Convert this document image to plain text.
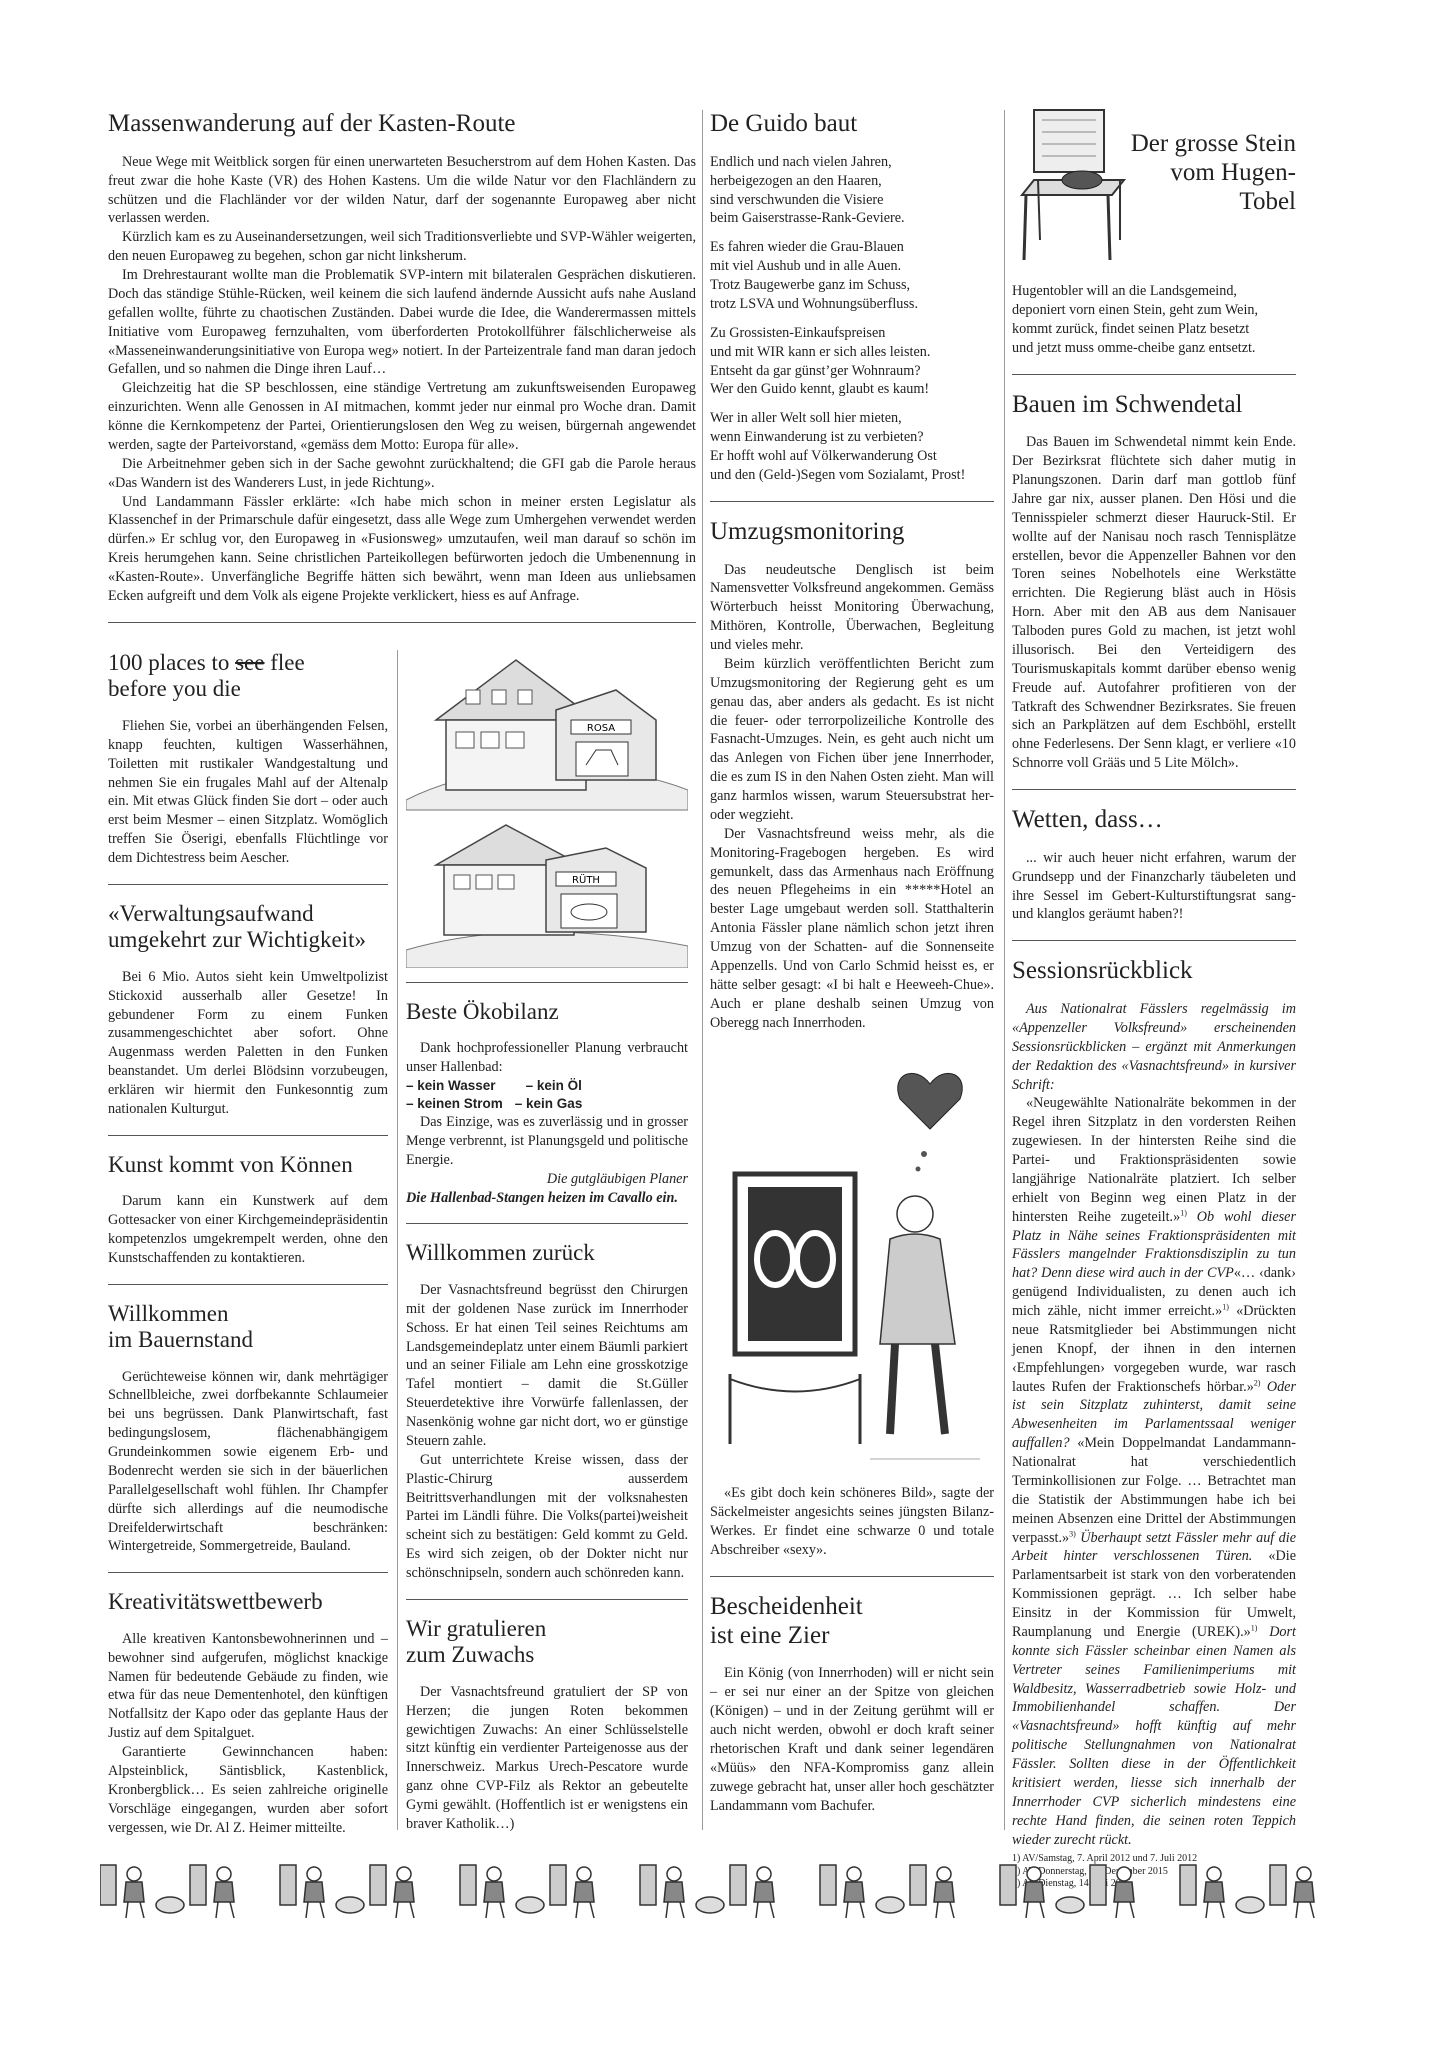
Massenwanderung auf der Kasten-Route

Neue Wege mit Weitblick sorgen für einen unerwarteten Besucherstrom auf dem Hohen Kasten. Das freut zwar die hohe Kaste (VR) des Hohen Kastens. Um die wilde Natur vor den Flachländern zu schützen und die Flachländer vor der wilden Natur, darf der sogenannte Europaweg aber nicht verlassen werden.

Kürzlich kam es zu Auseinandersetzungen, weil sich Traditionsverliebte und SVP-Wähler weigerten, den neuen Europaweg zu begehen, schon gar nicht linksherum.

Im Drehrestaurant wollte man die Problematik SVP-intern mit bilateralen Gesprächen diskutieren. Doch das ständige Stühle-Rücken, weil keinem die sich laufend ändernde Aussicht aufs nahe Ausland gefallen wollte, führte zu chaotischen Zuständen. Dabei wurde die Idee, die Wanderermassen mittels Initiative vom Europaweg fernzuhalten, vom überforderten Protokollführer fälschlicherweise als «Masseneinwanderungsinitiative von Europa weg» notiert. In der Parteizentrale fand man daran jedoch Gefallen, und so nahmen die Dinge ihren Lauf…

Gleichzeitig hat die SP beschlossen, eine ständige Vertretung am zukunftsweisenden Europaweg einzurichten. Wenn alle Genossen in AI mitmachen, kommt jeder nur einmal pro Woche dran. Damit könne die Kernkompetenz der Partei, Orientierungslosen den Weg zu weisen, bürgernah angewendet werden, sagte der Parteivorstand, «gemäss dem Motto: Europa für alle».

Die Arbeitnehmer geben sich in der Sache gewohnt zurückhaltend; die GFI gab die Parole heraus «Das Wandern ist des Wanderers Lust, in jede Richtung».

Und Landammann Fässler erklärte: «Ich habe mich schon in meiner ersten Legislatur als Klassenchef in der Primarschule dafür eingesetzt, dass alle Wege zum Umhergehen verwendet werden dürfen.» Er schlug vor, den Europaweg in «Fusionsweg» umzutaufen, weil man darauf so schön im Kreis herumgehen kann. Seine christlichen Parteikollegen befürworten jedoch die Umbenennung in «Kasten-Route». Unverfängliche Begriffe hätten sich bewährt, wenn man Ideen aus unliebsamen Ecken aufgreift und dem Volk als eigene Projekte verklickert, hiess es auf Anfrage.

100 places to see flee
before you die

Fliehen Sie, vorbei an überhängenden Felsen, knapp feuchten, kultigen Wasserhähnen, Toiletten mit rustikaler Wandgestaltung und nehmen Sie ein frugales Mahl auf der Altenalp ein. Mit etwas Glück finden Sie dort – oder auch erst beim Mesmer – einen Sitzplatz. Womöglich treffen Sie Öserigi, ebenfalls Flüchtlinge vor dem Dichtestress beim Aescher.

«Verwaltungsaufwand umgekehrt zur Wichtigkeit»

Bei 6 Mio. Autos sieht kein Umweltpolizist Stickoxid ausserhalb aller Gesetze! In gebundener Form zu einem Funken zusammengeschichtet aber sofort. Ohne Augenmass werden Paletten in den Funken beanstandet. Um derlei Blödsinn vorzubeugen, erklären wir hiermit den Funkesonntig zum nationalen Kulturgut.

Kunst kommt von Können

Darum kann ein Kunstwerk auf dem Gottesacker von einer Kirchgemeindepräsidentin kompetenzlos umgekrempelt werden, ohne den Kunstschaffenden zu kontaktieren.

Willkommen
im Bauernstand

Gerüchteweise können wir, dank mehrtägiger Schnellbleiche, zwei dorfbekannte Schlaumeier bei uns begrüssen. Dank Planwirtschaft, fast bedingungslosem, flächenabhängigem Grundeinkommen sowie eigenem Erb- und Bodenrecht werden sie sich in der bäuerlichen Parallelgesellschaft wohl fühlen. Ihr Champfer dürfte sich allerdings auf die neumodische Dreifelderwirtschaft beschränken: Wintergetreide, Sommergetreide, Bauland.

Kreativitätswettbewerb

Alle kreativen Kantonsbewohnerinnen und –bewohner sind aufgerufen, möglichst knackige Namen für bedeutende Gebäude zu finden, wie etwa für das neue Dementenhotel, den künftigen Notfallsitz der Kapo oder das geplante Haus der Justiz auf dem Spitalguet.

Garantierte Gewinnchancen haben: Alpsteinblick, Säntisblick, Kastenblick, Kronbergblick… Es seien zahlreiche originelle Vorschläge eingegangen, wurden aber sofort vergessen, wie Dr. Al Z. Heimer mitteilte.

ROSA
RÜTH
Beste Ökobilanz

Dank hochprofessioneller Planung verbraucht unser Hallenbad:

– kein Wasser – kein Öl

– keinen Strom – kein Gas

Das Einzige, was es zuverlässig und in grosser Menge verbrennt, ist Planungsgeld und politische Energie.

Die gutgläubigen Planer

Die Hallenbad-Stangen heizen im Cavallo ein.

Willkommen zurück

Der Vasnachtsfreund begrüsst den Chirurgen mit der goldenen Nase zurück im Innerrhoder Schoss. Er hat einen Teil seines Reichtums am Landsgemeindeplatz unter einem Bäumli parkiert und an seiner Filiale am Lehn eine grosskotzige Tafel montiert – damit die St.Güller Steuerdetektive ihre Vorwürfe fallenlassen, der Nasenkönig wohne gar nicht dort, wo er günstige Steuern zahle.

Gut unterrichtete Kreise wissen, dass der Plastic-Chirurg ausserdem Beitrittsverhandlungen mit der volksnahesten Partei im Ländli führe. Die Volks(partei)weisheit scheint sich zu bestätigen: Geld kommt zu Geld. Es wird sich zeigen, ob der Dokter nicht nur schönschnipseln, sondern auch schönreden kann.

Wir gratulieren
zum Zuwachs

Der Vasnachtsfreund gratuliert der SP von Herzen; die jungen Roten bekommen gewichtigen Zuwachs: An einer Schlüsselstelle sitzt künftig ein verdienter Parteigenosse aus der Innerschweiz. Markus Urech-Pescatore wurde ganz ohne CVP-Filz als Rektor an gebeutelte Gymi gewählt. (Hoffentlich ist er wenigstens ein braver Katholik…)

De Guido baut

Endlich und nach vielen Jahren,

herbeigezogen an den Haaren,

sind verschwunden die Visiere

beim Gaiserstrasse-Rank-Geviere.

Es fahren wieder die Grau-Blauen

mit viel Aushub und in alle Auen.

Trotz Baugewerbe ganz im Schuss,

trotz LSVA und Wohnungsüberfluss.

Zu Grossisten-Einkaufspreisen

und mit WIR kann er sich alles leisten.

Entseht da gar günst’ger Wohnraum?

Wer den Guido kennt, glaubt es kaum!

Wer in aller Welt soll hier mieten,

wenn Einwanderung ist zu verbieten?

Er hofft wohl auf Völkerwanderung Ost

und den (Geld-)Segen vom Sozialamt, Prost!

Umzugsmonitoring

Das neudeutsche Denglisch ist beim Namensvetter Volksfreund angekommen. Gemäss Wörterbuch heisst Monitoring Überwachung, Mithören, Kontrolle, Überwachen, Begleitung und vieles mehr.

Beim kürzlich veröffentlichten Bericht zum Umzugsmonitoring der Regierung geht es um genau das, aber anders als gedacht. Es ist nicht die feuer- oder terrorpolizeiliche Kontrolle des Fasnacht-Umzuges. Nein, es geht auch nicht um das Anlegen von Fichen über jene Innerrhoder, die es zum IS in den Nahen Osten zieht. Man will ganz harmlos wissen, warum Steuersubstrat her- oder wegzieht.

Der Vasnachtsfreund weiss mehr, als die Monitoring-Fragebogen hergeben. Es wird gemunkelt, dass das Armenhaus nach Eröffnung des neuen Pflegeheims in ein *****Hotel an bester Lage umgebaut werden soll. Statthalterin Antonia Fässler plane nämlich schon jetzt ihren Umzug von der Schatten- auf die Sonnenseite Appenzells. Und von Carlo Schmid heisst es, er hätte selber gesagt: «I bi halt e Heeweeh-Chue». Auch er plane deshalb seinen Umzug von Oberegg nach Innerrhoden.

«Es gibt doch kein schöneres Bild», sagte der Säckelmeister angesichts seines jüngsten Bilanz-Werkes. Er findet eine schwarze 0 und totale Abschreiber «sexy».

Bescheidenheit
ist eine Zier

Ein König (von Innerrhoden) will er nicht sein – er sei nur einer an der Spitze von gleichen (Königen) – und in der Zeitung gerühmt will er auch nicht werden, obwohl er doch kraft seiner rhetorischen Kraft und dank seiner legendären «Müüs» den NFA-Kompromiss ganz allein zuwege gebracht hat, unser aller hoch geschätzter Landammann vom Bachufer.

Der grosse Stein
vom Hugen-
Tobel

Hugentobler will an die Landsgemeind,

deponiert vorn einen Stein, geht zum Wein,

kommt zurück, findet seinen Platz besetzt

und jetzt muss omme-cheibe ganz entsetzt.

Bauen im Schwendetal

Das Bauen im Schwendetal nimmt kein Ende. Der Bezirksrat flüchtete sich daher mutig in Planungszonen. Darin darf man gottlob fünf Jahre gar nix, ausser planen. Den Hösi und die Tennisspieler schmerzt dieser Hauruck-Stil. Er wollte auf der Nanisau noch rasch Tennisplätze erstellen, bevor die Appenzeller Bahnen vor den Toren seines Nobelhotels eine Werkstätte errichten. Die Regierung bläst auch in Hösis Horn. Aber mit den AB aus dem Nanisauer Talboden pures Gold zu machen, ist jetzt wohl illusorisch. Bei den Verteidigern des Tourismuskapitals kommt darüber ebenso wenig Freude auf. Autofahrer profitieren von der Tatkraft des Schwendner Bezirksrates. Sie freuen sich an Parkplätzen auf dem Eschböhl, erstellt ohne Federlesens. Der Senn klagt, er verliere «10 Schnorre voll Grääs und 5 Lite Mölch».

Wetten, dass…

... wir auch heuer nicht erfahren, warum der Grundsepp und der Finanzcharly täubeleten und ihre Sessel im Gebert-Kulturstiftungsrat sang- und klanglos geräumt haben?!

Sessionsrückblick

Aus Nationalrat Fässlers regelmässig im «Appenzeller Volksfreund» erscheinenden Sessionsrückblicken – ergänzt mit Anmerkungen der Redaktion des «Vasnachtsfreund» in kursiver Schrift:

«Neugewählte Nationalräte bekommen in der Regel ihren Sitzplatz in den vordersten Reihen zugewiesen. In der hintersten Reihe sind die Partei- und Fraktionspräsidenten sowie langjährige Nationalräte platziert. Ich selber erhielt von Beginn weg einen Platz in der hintersten Reihe zugeteilt.»$^{1)}$ Ob wohl dieser Platz in Nähe seines Fraktionspräsidenten mit Fässlers mangelnder Fraktionsdisziplin zu tun hat? Denn diese wird auch in der CVP«… ‹dank› genügend Individualisten, zu denen auch ich mich zähle, nicht immer erreicht.»$^{1)}$ «Drückten neue Ratsmitglieder bei Abstimmungen nicht jenen Knopf, der ihnen in den internen ‹Empfehlungen› vorgegeben wurde, war rasch lautes Rufen der Fraktionschefs hörbar.»$^{2)}$ Oder ist sein Sitzplatz zuhinterst, damit seine Abwesenheiten im Parlamentssaal weniger auffallen? «Mein Doppelmandat Landammann-Nationalrat hat verschiedentlich Terminkollisionen zur Folge. … Betrachtet man die Statistik der Abstimmungen habe ich bei meinen Absenzen eine Drittel der Abstimmungen verpasst.»$^{3)}$ Überhaupt setzt Fässler mehr auf die Arbeit hinter verschlossenen Türen. «Die Parlamentsarbeit ist stark von den vorberatenden Kommissionen geprägt. … Ich selber habe Einsitz in der Kommission für Umwelt, Raumplanung und Energie (UREK).»$^{1)}$ Dort konnte sich Fässler scheinbar einen Namen als Vertreter seines Familienimperiums mit Waldbesitz, Wasserradbetrieb sowie Holz- und Immobilienhandel schaffen. Der «Vasnachtsfreund» hofft künftig auf mehr politische Stellungnahmen von Nationalrat Fässler. Sollten diese in der Öffentlichkeit kritisiert werden, liesse sich innerhalb der Innerrhoder CVP sicherlich mindestens eine rechte Hand finden, die seinen roten Teppich wieder zurecht rückt.

1) AV/Samstag, 7. April 2012 und 7. Juli 2012
2) AV/Donnerstag, 31. Dezember 2015
3) AV/Dienstag, 14. Juli 2015
